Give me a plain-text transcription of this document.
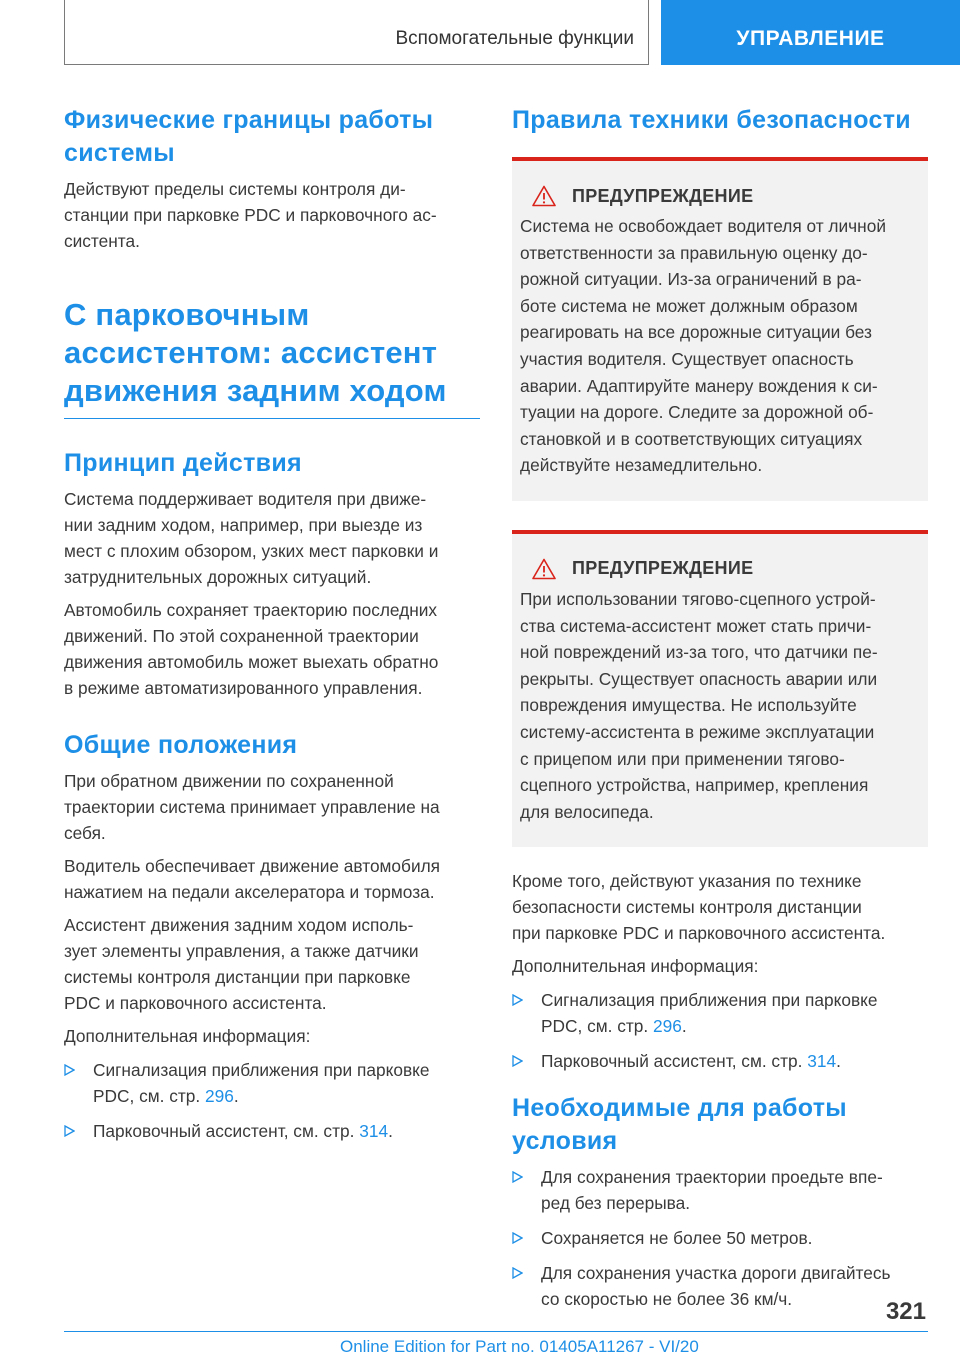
Вспомогательные функции	УПРАВЛЕНИЕ
Физические границы работы
системы

Действуют пределы системы контроля ди-
станции при парковке PDC и парковочного ас-
систента.

С парковочным
ассистентом: ассистент
движения задним ходом
Принцип действия

Система поддерживает водителя при движе-
нии задним ходом, например, при выезде из
мест с плохим обзором, узких мест парковки и
затруднительных дорожных ситуаций.

Автомобиль сохраняет траекторию последних
движений. По этой сохраненной траектории
движения автомобиль может выехать обратно
в режиме автоматизированного управления.

Общие положения

При обратном движении по сохраненной
траектории система принимает управление на
себя.

Водитель обеспечивает движение автомобиля
нажатием на педали акселератора и тормоза.

Ассистент движения задним ходом исполь-
зует элементы управления, а также датчики
системы контроля дистанции при парковке
PDC и парковочного ассистента.

Дополнительная информация:

Сигнализация приближения при парковке
PDC, см. стр. 296.
Парковочный ассистент, см. стр. 314.
Правила техники безопасности
ПРЕДУПРЕЖДЕНИЕ

Система не освобождает водителя от личной
ответственности за правильную оценку до-
рожной ситуации. Из-за ограничений в ра-
боте система не может должным образом
реагировать на все дорожные ситуации без
участия водителя. Существует опасность
аварии. Адаптируйте манеру вождения к си-
туации на дороге. Следите за дорожной об-
становкой и в соответствующих ситуациях
действуйте незамедлительно.

ПРЕДУПРЕЖДЕНИЕ

При использовании тягово-сцепного устрой-
ства система-ассистент может стать причи-
ной повреждений из-за того, что датчики пе-
рекрыты. Существует опасность аварии или
повреждения имущества. Не используйте
систему-ассистента в режиме эксплуатации
с прицепом или при применении тягово-
сцепного устройства, например, крепления
для велосипеда.

Кроме того, действуют указания по технике
безопасности системы контроля дистанции
при парковке PDC и парковочного ассистента.

Дополнительная информация:

Сигнализация приближения при парковке
PDC, см. стр. 296.
Парковочный ассистент, см. стр. 314.
Необходимые для работы
условия
Для сохранения траектории проедьте впе-
ред без перерыва.
Сохраняется не более 50 метров.
Для сохранения участка дороги двигайтесь
со скоростью не более 36 км/ч.	321
Online Edition for Part no. 01405A11267 - VI/20
